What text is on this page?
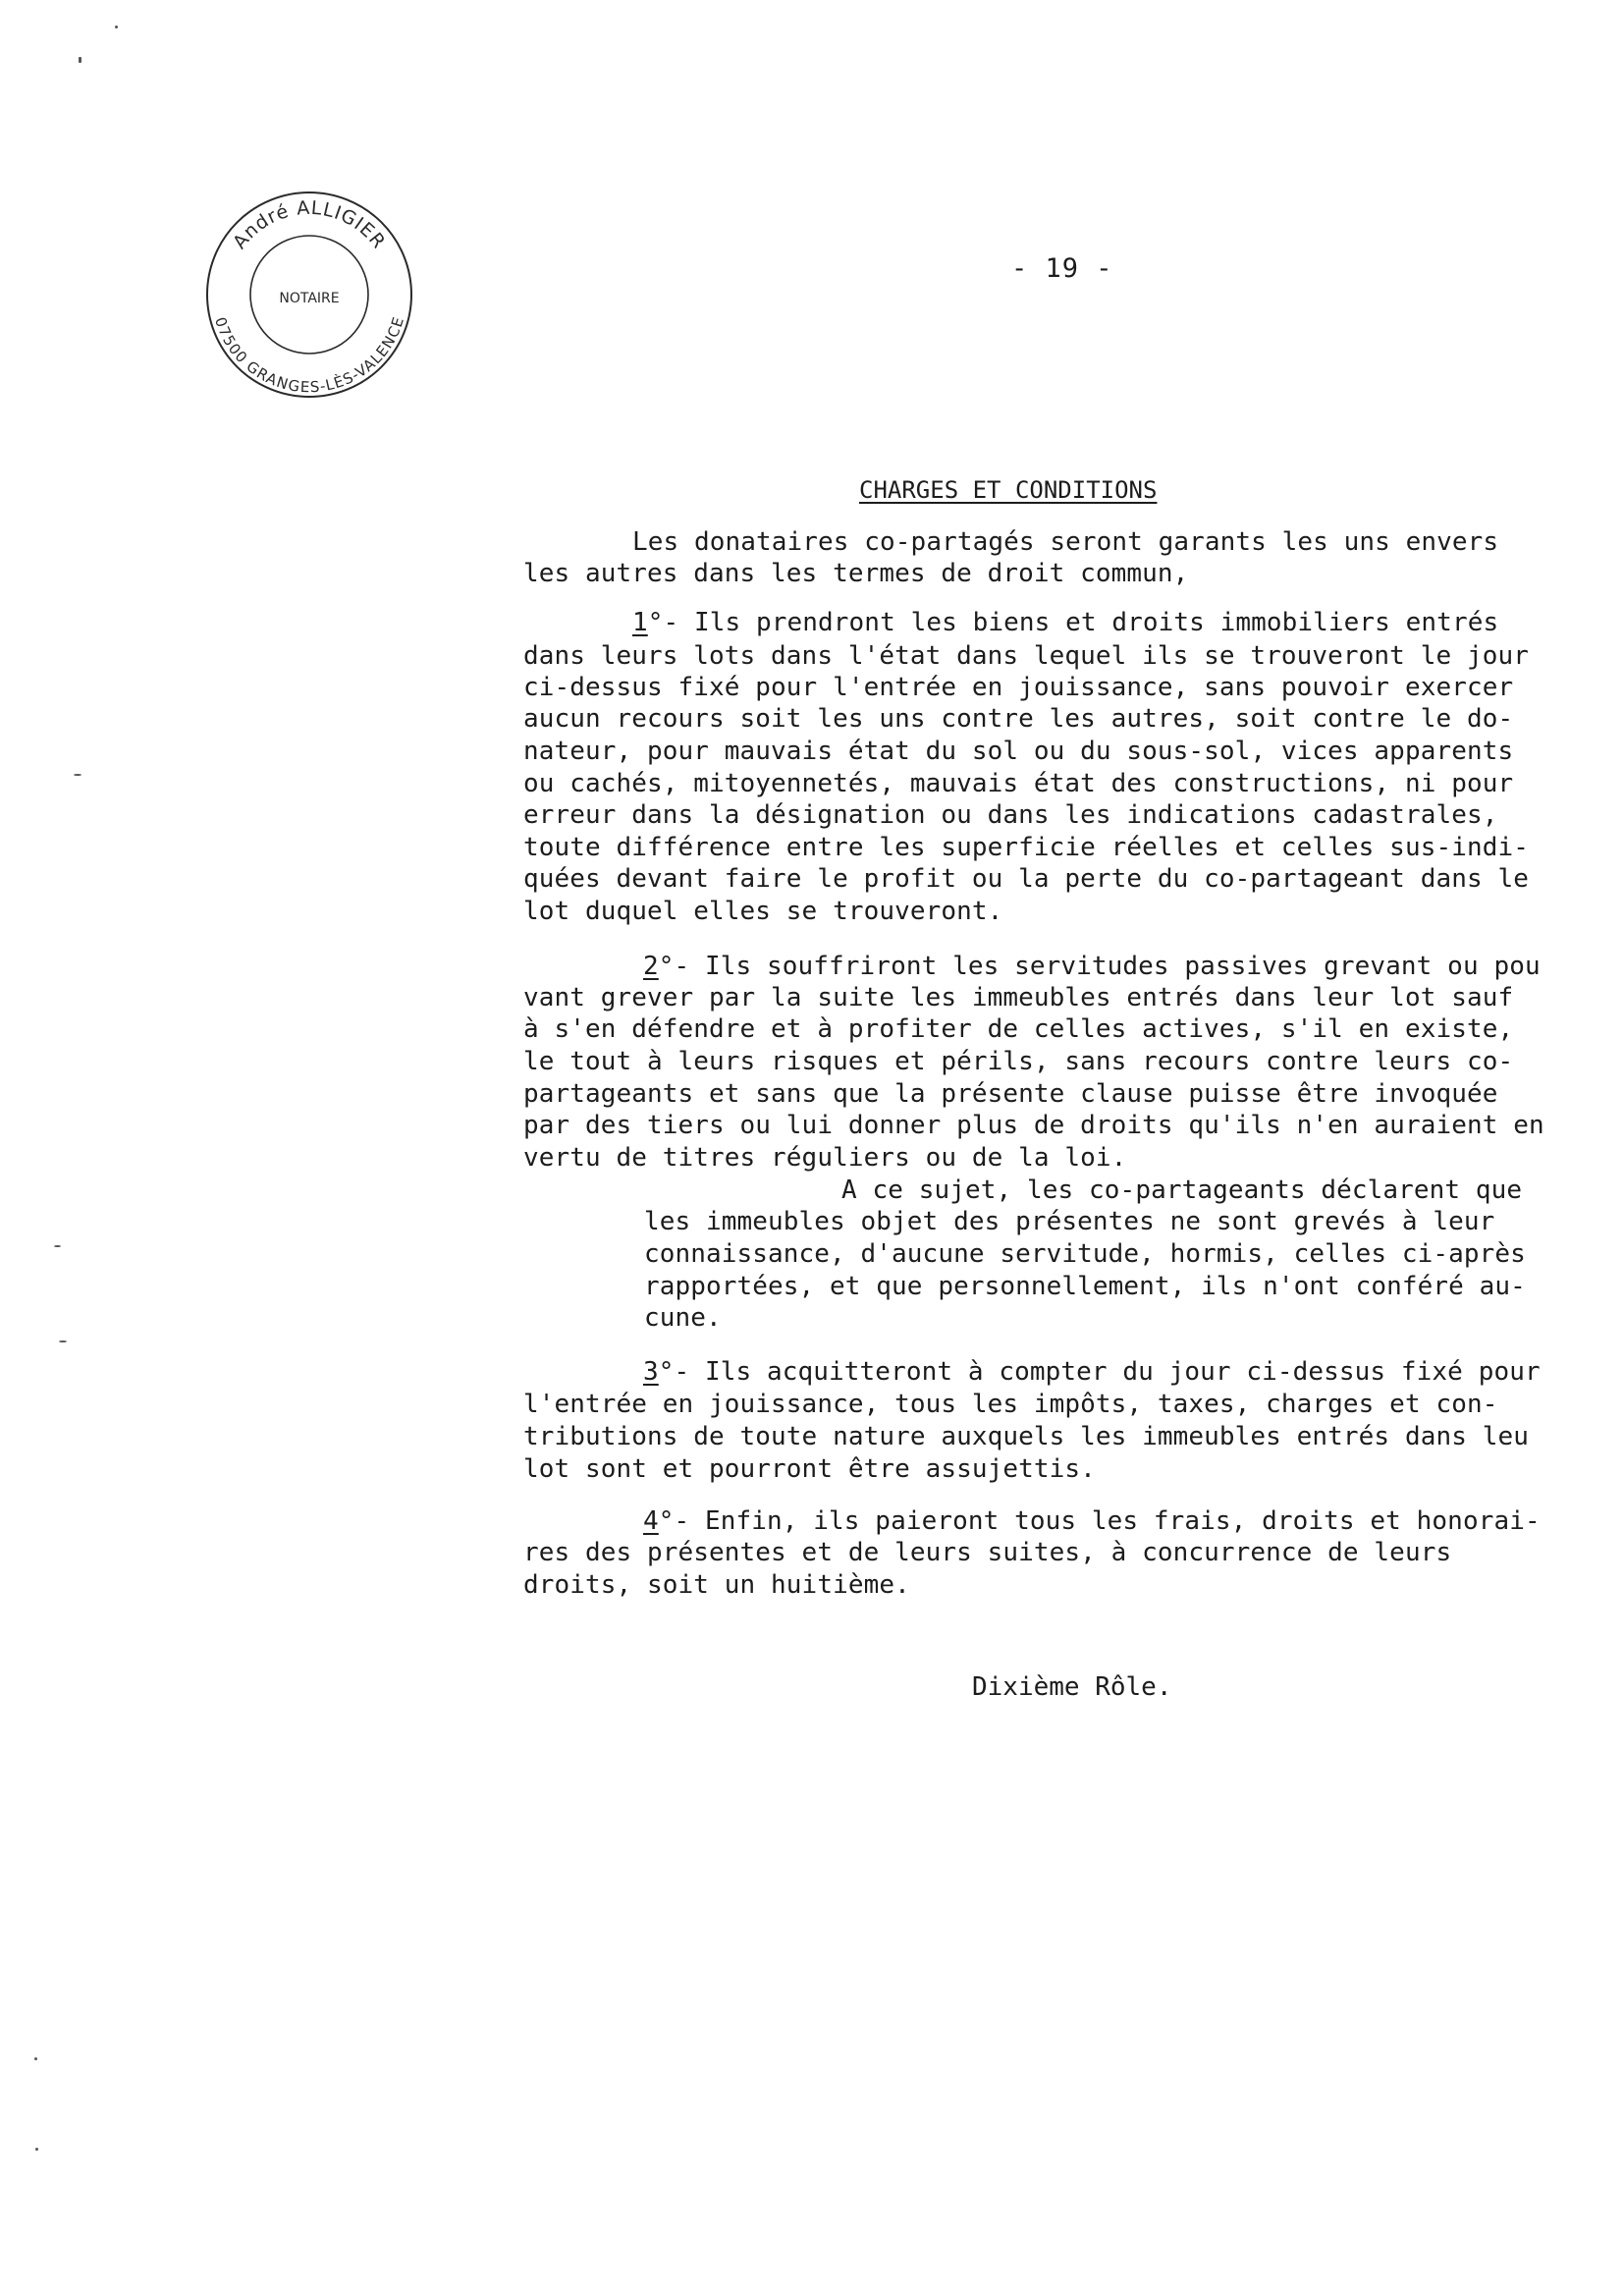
André ALLIGIER
NOTAIRE
07500 GRANGES-LÈS-VALENCE
- 19 -
CHARGES ET CONDITIONS
Les donataires co-partagés seront garants les uns envers
les autres dans les termes de droit commun,
1°- Ils prendront les biens et droits immobiliers entrés
dans leurs lots dans l'état dans lequel ils se trouveront le jour
ci-dessus fixé pour l'entrée en jouissance, sans pouvoir exercer
aucun recours soit les uns contre les autres, soit contre le do-
nateur, pour mauvais état du sol ou du sous-sol, vices apparents
ou cachés, mitoyennetés, mauvais état des constructions, ni pour
erreur dans la désignation ou dans les indications cadastrales,
toute différence entre les superficie réelles et celles sus-indi-
quées devant faire le profit ou la perte du co-partageant dans le
lot duquel elles se trouveront.
2°- Ils souffriront les servitudes passives grevant ou pou
vant grever par la suite les immeubles entrés dans leur lot sauf
à s'en défendre et à profiter de celles actives, s'il en existe,
le tout à leurs risques et périls, sans recours contre leurs co-
partageants et sans que la présente clause puisse être invoquée
par des tiers ou lui donner plus de droits qu'ils n'en auraient en
vertu de titres réguliers ou de la loi.
A ce sujet, les co-partageants déclarent que
les immeubles objet des présentes ne sont grevés à leur
connaissance, d'aucune servitude, hormis, celles ci-après
rapportées, et que personnellement, ils n'ont conféré au-
cune.
3°- Ils acquitteront à compter du jour ci-dessus fixé pour
l'entrée en jouissance, tous les impôts, taxes, charges et con-
tributions de toute nature auxquels les immeubles entrés dans leu
lot sont et pourront être assujettis.
4°- Enfin, ils paieront tous les frais, droits et honorai-
res des présentes et de leurs suites, à concurrence de leurs
droits, soit un huitième.
Dixième Rôle.
